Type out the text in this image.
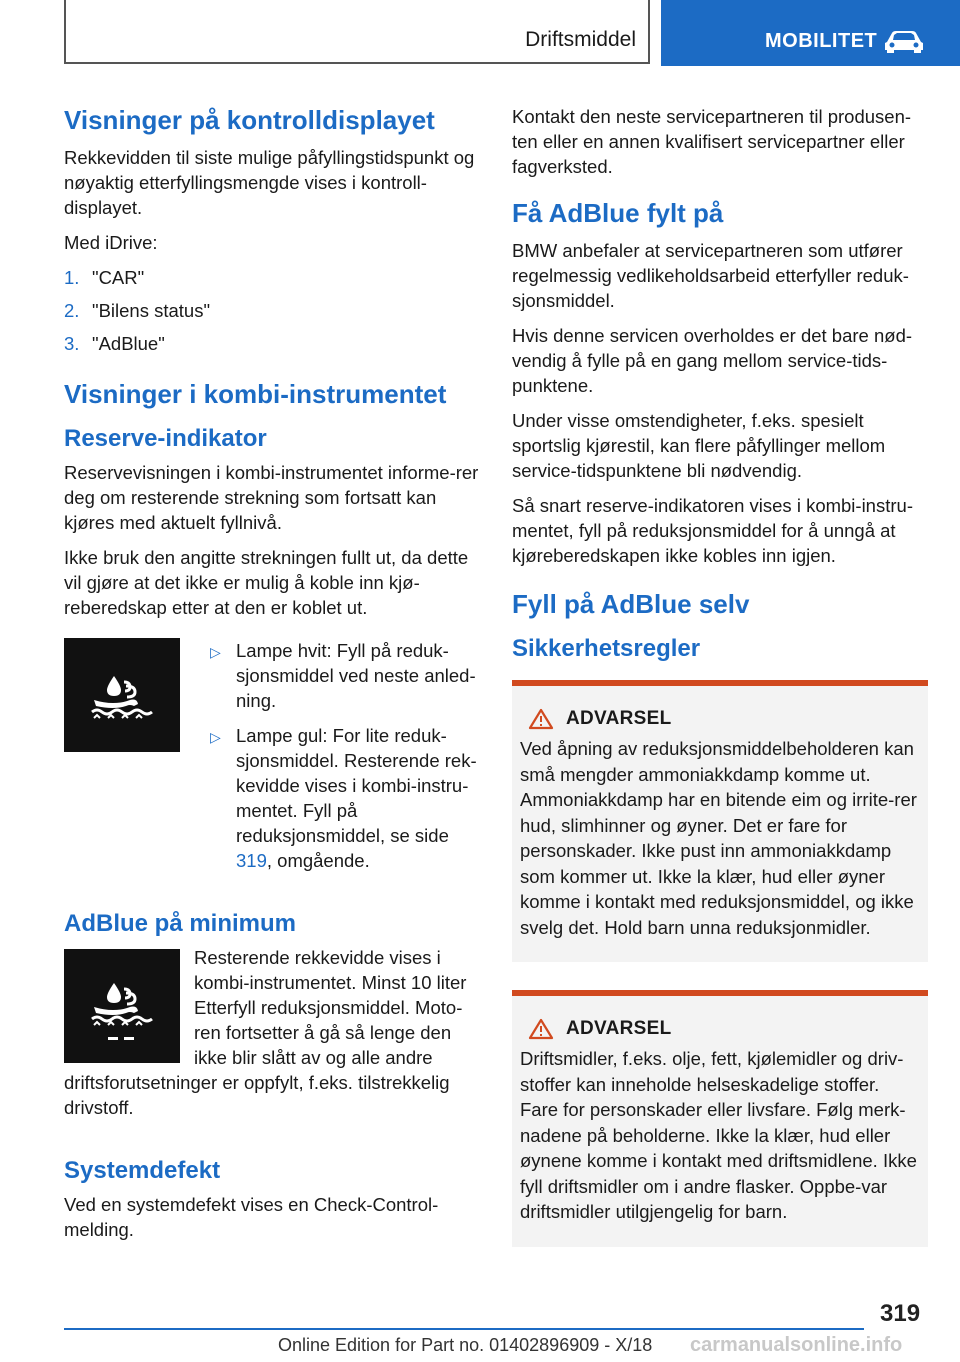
Driftsmiddel	MOBILITET
Visninger på kontrolldisplayet

Rekkevidden til siste mulige påfyllingstidspunkt og nøyaktig etterfyllingsmengde vises i kontroll-displayet.

Med iDrive:

1. "CAR"
2. "Bilens status"
3. "AdBlue"
Visninger i kombi-instrumentet
Reserve-indikator

Reservevisningen i kombi-instrumentet informe-rer deg om resterende strekning som fortsatt kan kjøres med aktuelt fyllnivå.

Ikke bruk den angitte strekningen fullt ut, da dette vil gjøre at det ikke er mulig å koble inn kjø-reberedskap etter at den er koblet ut.

▷ Lampe hvit: Fyll på reduk-sjonsmiddel ved neste anled-ning.
▷ Lampe gul: For lite reduk-sjonsmiddel. Resterende rek-kevidde vises i kombi-instru-mentet. Fyll på reduksjonsmiddel, se side 319, omgående.
AdBlue på minimum

Resterende rekkevidde vises i kombi-instrumentet. Minst 10 liter Etterfyll reduksjonsmiddel. Moto-ren fortsetter å gå så lenge den ikke blir slått av og alle andre driftsforutsetninger er oppfylt, f.eks. tilstrekkelig drivstoff.

Systemdefekt

Ved en systemdefekt vises en Check-Control-melding.

Kontakt den neste servicepartneren til produsen-ten eller en annen kvalifisert servicepartner eller fagverksted.

Få AdBlue fylt på

BMW anbefaler at servicepartneren som utfører regelmessig vedlikeholdsarbeid etterfyller reduk-sjonsmiddel.

Hvis denne servicen overholdes er det bare nød-vendig å fylle på en gang mellom service-tids-punktene.

Under visse omstendigheter, f.eks. spesielt sportslig kjørestil, kan flere påfyllinger mellom service-tidspunktene bli nødvendig.

Så snart reserve-indikatoren vises i kombi-instru-mentet, fyll på reduksjonsmiddel for å unngå at kjøreberedskapen ikke kobles inn igjen.

Fyll på AdBlue selv
Sikkerhetsregler
ADVARSEL

Ved åpning av reduksjonsmiddelbeholderen kan små mengder ammoniakkdamp komme ut. Ammoniakkdamp har en bitende eim og irrite-rer hud, slimhinner og øyner. Det er fare for personskader. Ikke pust inn ammoniakkdamp som kommer ut. Ikke la klær, hud eller øyner komme i kontakt med reduksjonsmiddel, og ikke svelg det. Hold barn unna reduksjonmidler.

ADVARSEL

Driftsmidler, f.eks. olje, fett, kjølemidler og driv-stoffer kan inneholde helseskadelige stoffer. Fare for personskader eller livsfare. Følg merk-nadene på beholderne. Ikke la klær, hud eller øynene komme i kontakt med driftsmidlene. Ikke fyll driftsmidler om i andre flasker. Oppbe-var driftsmidler utilgjengelig for barn.

319
Online Edition for Part no. 01402896909 - X/18 carmanualsonline.info
